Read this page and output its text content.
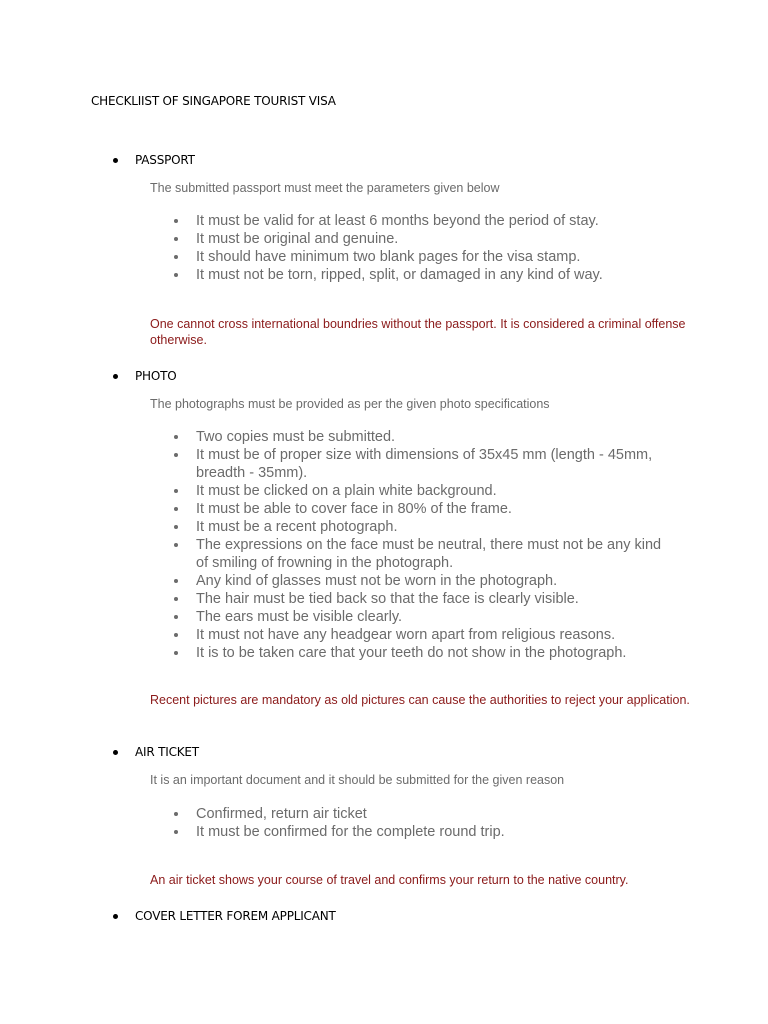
CHECKLIIST OF SINGAPORE TOURIST VISA
PASSPORT
The submitted passport must meet the parameters given below
It must be valid for at least 6 months beyond the period of stay.
It must be original and genuine.
It should have minimum two blank pages for the visa stamp.
It must not be torn, ripped, split, or damaged in any kind of way.
One cannot cross international boundries without the passport. It is considered a criminal offense otherwise.
PHOTO
The photographs must be provided as per the given photo specifications
Two copies must be submitted.
It must be of proper size with dimensions of 35x45 mm (length - 45mm, breadth - 35mm).
It must be clicked on a plain white background.
It must be able to cover face in 80% of the frame.
It must be a recent photograph.
The expressions on the face must be neutral, there must not be any kind of smiling of frowning in the photograph.
Any kind of glasses must not be worn in the photograph.
The hair must be tied back so that the face is clearly visible.
The ears must be visible clearly.
It must not have any headgear worn apart from religious reasons.
It is to be taken care that your teeth do not show in the photograph.
Recent pictures are mandatory as old pictures can cause the authorities to reject your application.
AIR TICKET
It is an important document and it should be submitted for the given reason
Confirmed, return air ticket
It must be confirmed for the complete round trip.
An air ticket shows your course of travel and confirms your return to the native country.
COVER LETTER FOREM APPLICANT
